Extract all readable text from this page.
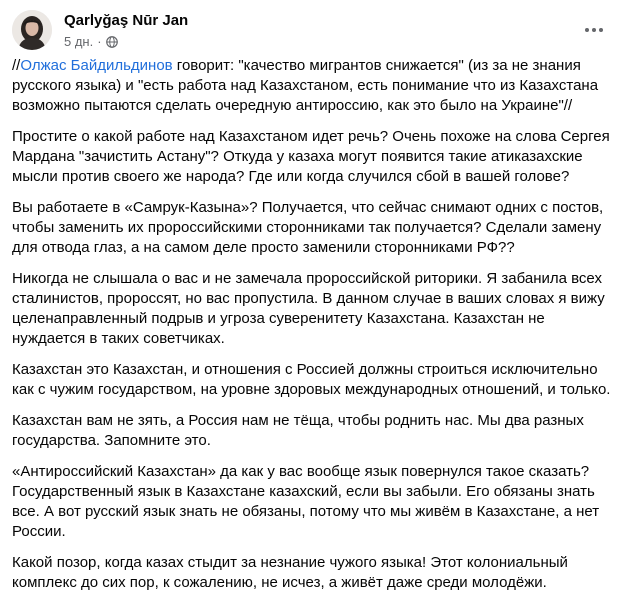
Qarlyğaş Nūr Jan
5 дн. ·

//Олжас Байдильдинов говорит: "качество мигрантов снижается" (из за не знания русского языка) и "есть работа над Казахстаном, есть понимание что из Казахстана возможно пытаются сделать очередную антироссию, как это было на Украине"//

Простите о какой работе над Казахстаном идет речь? Очень похоже на слова Сергея Мардана "зачистить Астану"? Откуда у казаха могут появится такие атиказахские мысли против своего же народа? Где или когда случился сбой в вашей голове?

Вы работаете в «Самрук-Казына»? Получается, что сейчас снимают одних с постов, чтобы заменить их пророссийскими сторонниками так получается? Сделали замену для отвода глаз, а на самом деле просто заменили сторонниками РФ??

Никогда не слышала о вас и не замечала пророссийской риторики. Я забанила всех сталинистов, пророссят, но вас пропустила. В данном случае в ваших словах я вижу целенаправленный подрыв и угроза суверенитету Казахстана. Казахстан не нуждается в таких советчиках.

Казахстан это Казахстан, и отношения с Россией должны строиться исключительно как с чужим государством, на уровне здоровых международных отношений, и только.

Казахстан вам не зять, а Россия нам не тёща, чтобы роднить нас. Мы два разных государства. Запомните это.

«Антироссийский Казахстан» да как у вас вообще язык повернулся такое сказать? Государственный язык в Казахстане казахский, если вы забыли. Его обязаны знать все. А вот русский язык знать не обязаны, потому что мы живём в Казахстане, а нет России.

Какой позор, когда казах стыдит за незнание чужого языка! Этот колониальный комплекс до сих пор, к сожалению, не исчез, а живёт даже среди молодёжи.
